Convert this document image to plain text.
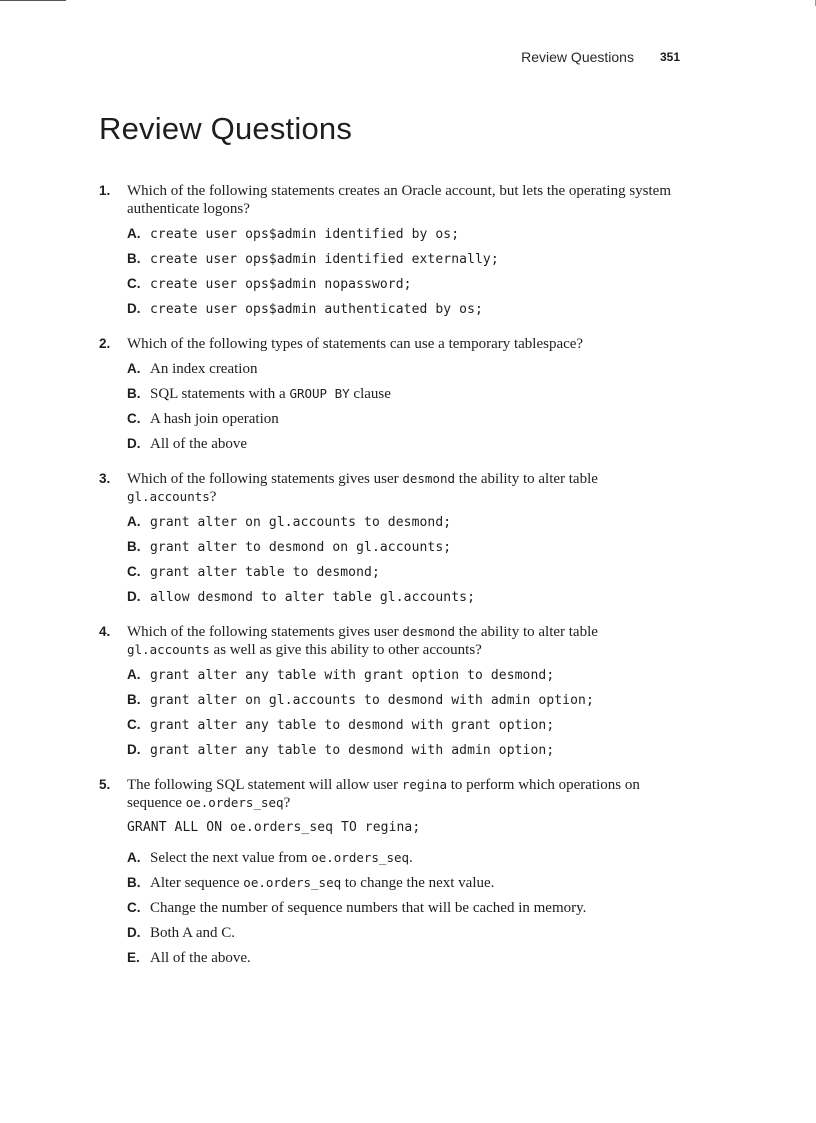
Review Questions 351
Review Questions
1.	Which of the following statements creates an Oracle account, but lets the operating system authenticate logons?
A. create user ops$admin identified by os;
B. create user ops$admin identified externally;
C. create user ops$admin nopassword;
D. create user ops$admin authenticated by os;
2.	Which of the following types of statements can use a temporary tablespace?
A. An index creation
B. SQL statements with a GROUP BY clause
C. A hash join operation
D. All of the above
3.	Which of the following statements gives user desmond the ability to alter table gl.accounts?
A. grant alter on gl.accounts to desmond;
B. grant alter to desmond on gl.accounts;
C. grant alter table to desmond;
D. allow desmond to alter table gl.accounts;
4.	Which of the following statements gives user desmond the ability to alter table gl.accounts as well as give this ability to other accounts?
A. grant alter any table with grant option to desmond;
B. grant alter on gl.accounts to desmond with admin option;
C. grant alter any table to desmond with grant option;
D. grant alter any table to desmond with admin option;
5.	The following SQL statement will allow user regina to perform which operations on sequence oe.orders_seq?
GRANT ALL ON oe.orders_seq TO regina;
A. Select the next value from oe.orders_seq.
B. Alter sequence oe.orders_seq to change the next value.
C. Change the number of sequence numbers that will be cached in memory.
D. Both A and C.
E. All of the above.
